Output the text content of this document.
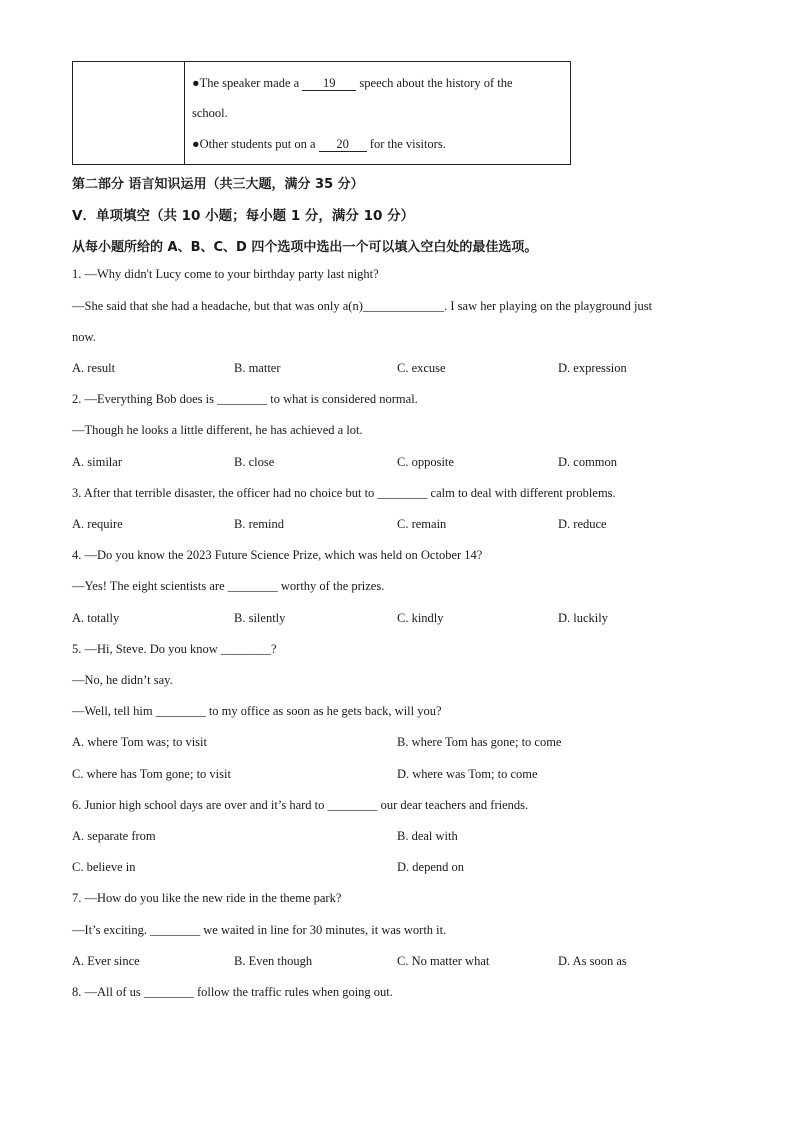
●The speaker made a 19 speech about the history of the
school.
●Other students put on a 20 for the visitors.
第二部分 语言知识运用（共三大题，满分 35 分）
V．单项填空（共 10 小题；每小题 1 分，满分 10 分）
从每小题所给的 A、B、C、D 四个选项中选出一个可以填入空白处的最佳选项。
1. —Why didn't Lucy come to your birthday party last night?
—She said that she had a headache, but that was only a(n)_____________. I saw her playing on the playground just
now.
A. result	B. matter	C. excuse	D. expression
2. —Everything Bob does is ________ to what is considered normal.
—Though he looks a little different, he has achieved a lot.
A. similar	B. close	C. opposite	D. common
3. After that terrible disaster, the officer had no choice but to ________ calm to deal with different problems.
A. require	B. remind	C. remain	D. reduce
4. —Do you know the 2023 Future Science Prize, which was held on October 14?
—Yes! The eight scientists are ________ worthy of the prizes.
A. totally	B. silently	C. kindly	D. luckily
5. —Hi, Steve. Do you know ________?
—No, he didn’t say.
—Well, tell him ________ to my office as soon as he gets back, will you?
A. where Tom was; to visit	B. where Tom has gone; to come
C. where has Tom gone; to visit	D. where was Tom; to come
6. Junior high school days are over and it’s hard to ________ our dear teachers and friends.
A. separate from	B. deal with
C. believe in	D. depend on
7. —How do you like the new ride in the theme park?
—It’s exciting. ________ we waited in line for 30 minutes, it was worth it.
A. Ever since	B. Even though	C. No matter what	D. As soon as
8. —All of us ________ follow the traffic rules when going out.
